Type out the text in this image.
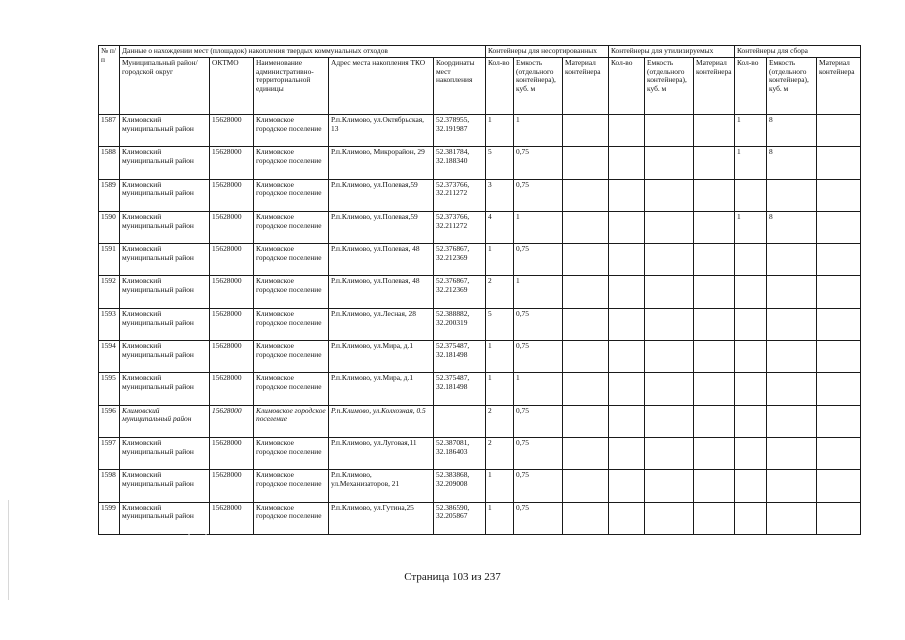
№ п/п	Данные о нахождении мест (площадок) накопления твердых коммунальных отходов					Контейнеры для несортированных			Контейнеры для утилизируемых			Контейнеры для сбора		
	Муниципальный район/городской округ	ОКТМО	Наименование административно-территориальной единицы	Адрес места накопления ТКО	Координаты мест накопления	Кол-во	Емкость (отдельного контейнера), куб. м	Материал контейнера	Кол-во	Емкость (отдельного контейнера), куб. м	Материал контейнера	Кол-во	Емкость (отдельного контейнера), куб. м	Материал контейнера
1587	Климовский муниципальный район	15628000	Климовское городское поселение	Р.п.Климово, ул.Октябрьская, 13	52.378955, 32.191987	1	1					1	8	
1588	Климовский муниципальный район	15628000	Климовское городское поселение	Р.п.Климово, Микрорайон, 29	52.381784, 32.188340	5	0,75					1	8	
1589	Климовский муниципальный район	15628000	Климовское городское поселение	Р.п.Климово, ул.Полевая,59	52.373766, 32.211272	3	0,75							
1590	Климовский муниципальный район	15628000	Климовское городское поселение	Р.п.Климово, ул.Полевая,59	52.373766, 32.211272	4	1					1	8	
1591	Климовский муниципальный район	15628000	Климовское городское поселение	Р.п.Климово, ул.Полевая, 48	52.376867, 32.212369	1	0,75							
1592	Климовский муниципальный район	15628000	Климовское городское поселение	Р.п.Климово, ул.Полевая, 48	52.376867, 32.212369	2	1							
1593	Климовский муниципальный район	15628000	Климовское городское поселение	Р.п.Климово, ул.Лесная, 28	52.388882, 32.200319	5	0,75							
1594	Климовский муниципальный район	15628000	Климовское городское поселение	Р.п.Климово, ул.Мира, д.1	52.375487, 32.181498	1	0,75							
1595	Климовский муниципальный район	15628000	Климовское городское поселение	Р.п.Климово, ул.Мира, д.1	52.375487, 32.181498	1	1							
1596	Климовский муниципальный район	15628000	Климовское городское поселение	Р.п.Климово, ул.Колхозная, 0.5		2	0,75							
1597	Климовский муниципальный район	15628000	Климовское городское поселение	Р.п.Климово, ул.Луговая,11	52.387081, 32.186403	2	0,75							
1598	Климовский муниципальный район	15628000	Климовское городское поселение	Р.п.Климово, ул.Механизаторов, 21	52.383868, 32.209008	1	0,75							
1599	Климовский муниципальный район	15628000	Климовское городское поселение	Р.п.Климово, ул.Гутина,25	52.386590, 32.205867	1	0,75							
Страница 103 из 237
